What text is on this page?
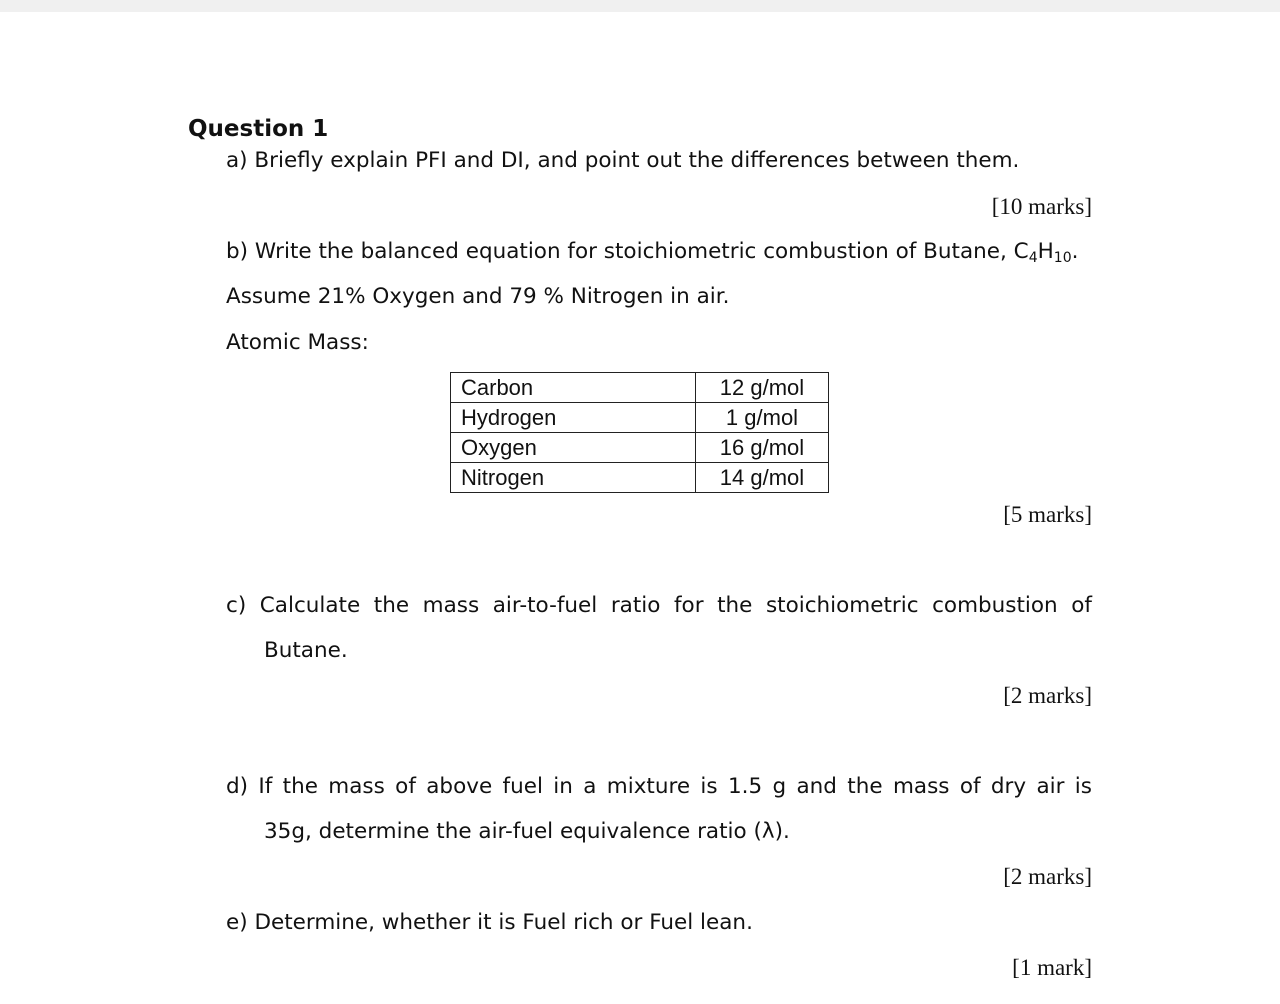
Question 1
a) Briefly explain PFI and DI, and point out the differences between them.
[10 marks]
b) Write the balanced equation for stoichiometric combustion of Butane, $C_4H_{10}$.
Assume 21% Oxygen and 79 % Nitrogen in air.
Atomic Mass:
Carbon	12 g/mol
Hydrogen	1 g/mol
Oxygen	16 g/mol
Nitrogen	14 g/mol
[5 marks]
c) Calculate the mass air-to-fuel ratio for the stoichiometric combustion of
Butane.
[2 marks]
d) If the mass of above fuel in a mixture is 1.5 g and the mass of dry air is
35g, determine the air-fuel equivalence ratio (λ).
[2 marks]
e) Determine, whether it is Fuel rich or Fuel lean.
[1 mark]
